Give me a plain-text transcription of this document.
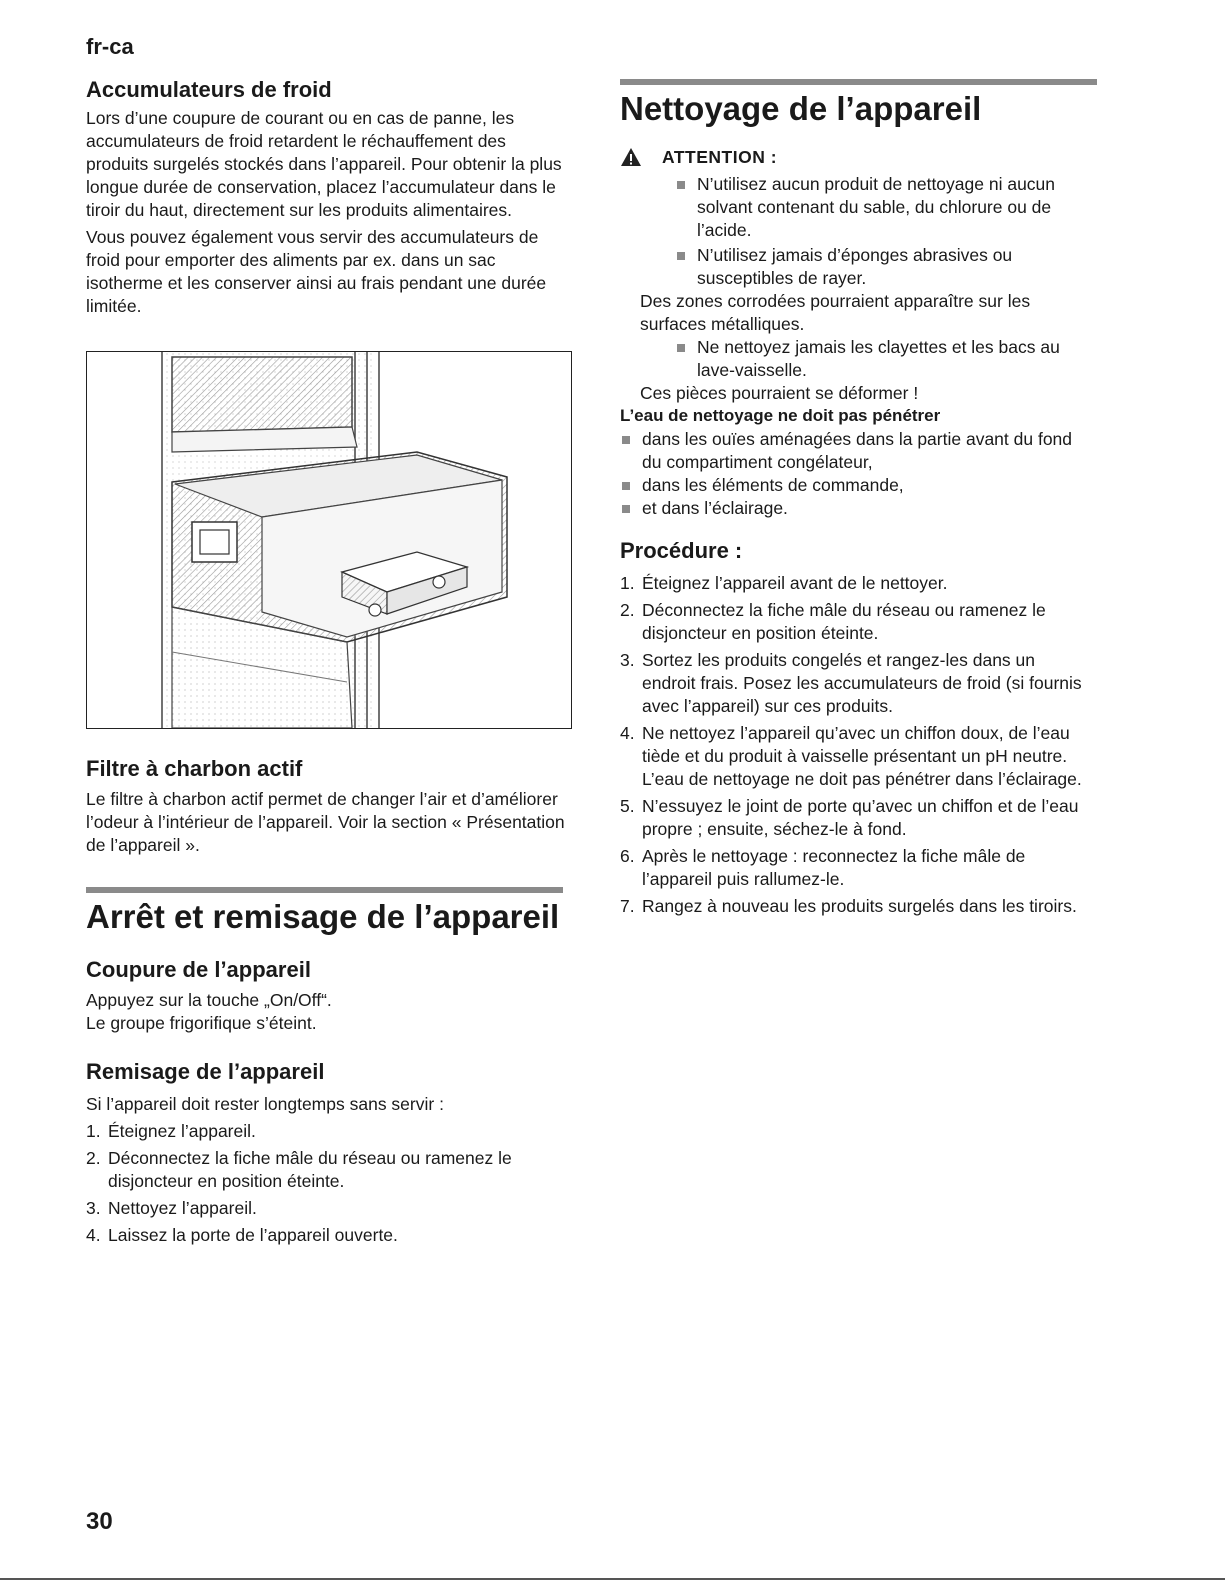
fr-ca
Accumulateurs de froid

Lors d’une coupure de courant ou en cas de panne, les accumulateurs de froid retardent le réchauffement des produits surgelés stockés dans l’appareil. Pour obtenir la plus longue durée de conservation, placez l’accumulateur dans le tiroir du haut, directement sur les produits alimentaires.

Vous pouvez également vous servir des accumulateurs de froid pour emporter des aliments par ex. dans un sac isotherme et les conserver ainsi au frais pendant une durée limitée.

Filtre à charbon actif

Le filtre à charbon actif permet de changer l’air et d’améliorer l’odeur à l’intérieur de l’appareil. Voir la section « Présentation de l’appareil ».

Arrêt et remisage de l’appareil
Coupure de l’appareil

Appuyez sur la touche „On/Off“.

Le groupe frigorifique s’éteint.

Remisage de l’appareil

Si l’appareil doit rester longtemps sans servir :

1. Éteignez l’appareil.
2. Déconnectez la fiche mâle du réseau ou ramenez le disjoncteur en position éteinte.
3. Nettoyez l’appareil.
4. Laissez la porte de l’appareil ouverte.
Nettoyage de l’appareil
ATTENTION :
N’utilisez aucun produit de nettoyage ni aucun solvant contenant du sable, du chlorure ou de l’acide.
N’utilisez jamais d’éponges abrasives ou susceptibles de rayer.

Des zones corrodées pourraient apparaître sur les surfaces métalliques.

Ne nettoyez jamais les clayettes et les bacs au lave-vaisselle.

Ces pièces pourraient se déformer !

L’eau de nettoyage ne doit pas pénétrer
dans les ouïes aménagées dans la partie avant du fond du compartiment congélateur,
dans les éléments de commande,
et dans l’éclairage.
Procédure :
1. Éteignez l’appareil avant de le nettoyer.
2. Déconnectez la fiche mâle du réseau ou ramenez le disjoncteur en position éteinte.
3. Sortez les produits congelés et rangez-les dans un endroit frais. Posez les accumulateurs de froid (si fournis avec l’appareil) sur ces produits.
4. Ne nettoyez l’appareil qu’avec un chiffon doux, de l’eau tiède et du produit à vaisselle présentant un pH neutre. L’eau de nettoyage ne doit pas pénétrer dans l’éclairage.
5. N’essuyez le joint de porte qu’avec un chiffon et de l’eau propre ; ensuite, séchez-le à fond.
6. Après le nettoyage : reconnectez la fiche mâle de l’appareil puis rallumez-le.
7. Rangez à nouveau les produits surgelés dans les tiroirs.
30
